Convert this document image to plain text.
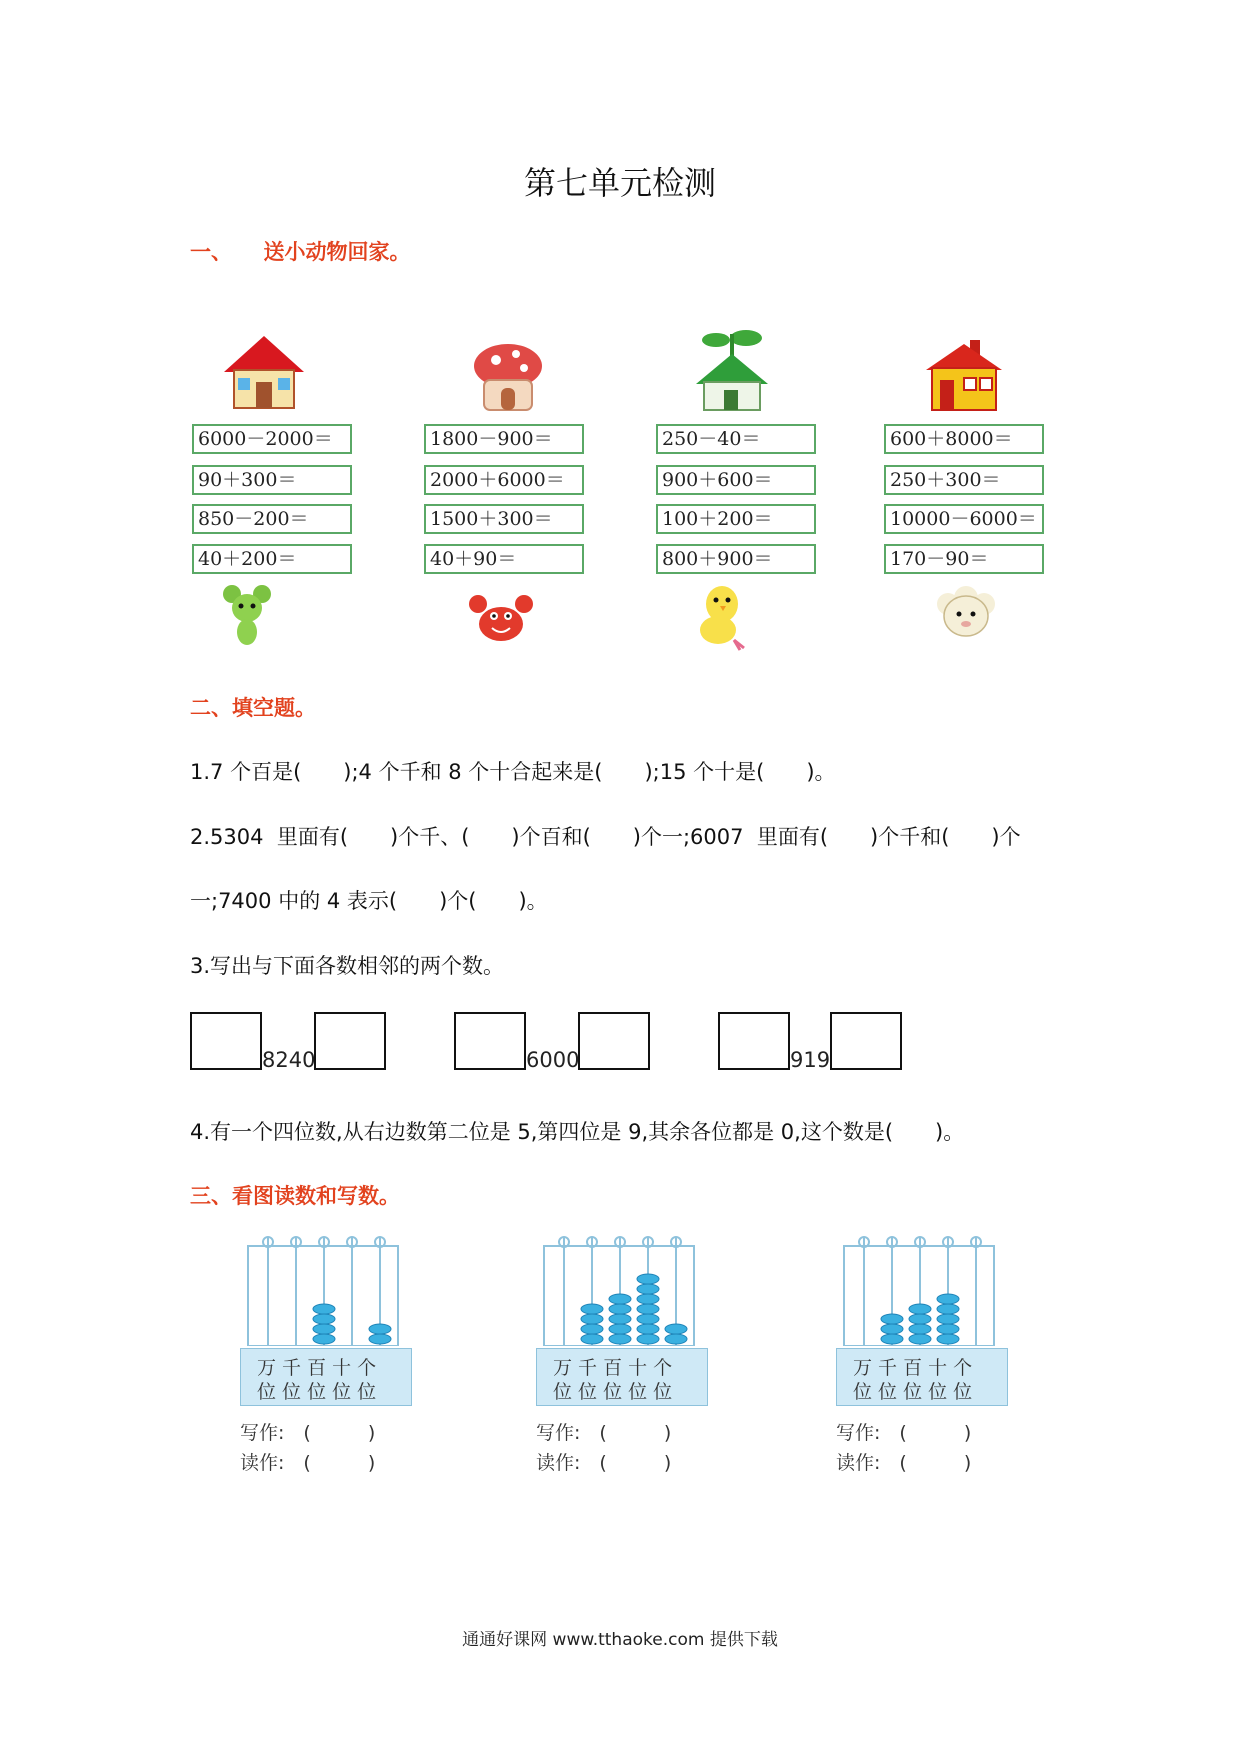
第七单元检测
一、　　送小动物回家。
6000－2000＝
90＋300＝
850－200＝
40＋200＝
1800－900＝
2000＋6000＝
1500＋300＝
40＋90＝
250－40＝
900＋600＝
100＋200＝
800＋900＝
600＋8000＝
250＋300＝
10000－6000＝
170－90＝
二、填空题。
1.7 个百是(　　);4 个千和 8 个十合起来是(　　);15 个十是(　　)。
2.5304  里面有(　　)个千、(　　)个百和(　　)个一;6007  里面有(　　)个千和(　　)个
一;7400 中的 4 表示(　　)个(　　)。
3.写出与下面各数相邻的两个数。
8240	6000	919
4.有一个四位数,从右边数第二位是 5,第四位是 9,其余各位都是 0,这个数是(　　)。
三、看图读数和写数。
万 千 百 十 个
位 位 位 位 位
写作:　(　　　)
读作:　(　　　)
万 千 百 十 个
位 位 位 位 位
写作:　(　　　)
读作:　(　　　)
万 千 百 十 个
位 位 位 位 位
写作:　(　　　)
读作:　(　　　)
通通好课网 www.tthaoke.com 提供下载
